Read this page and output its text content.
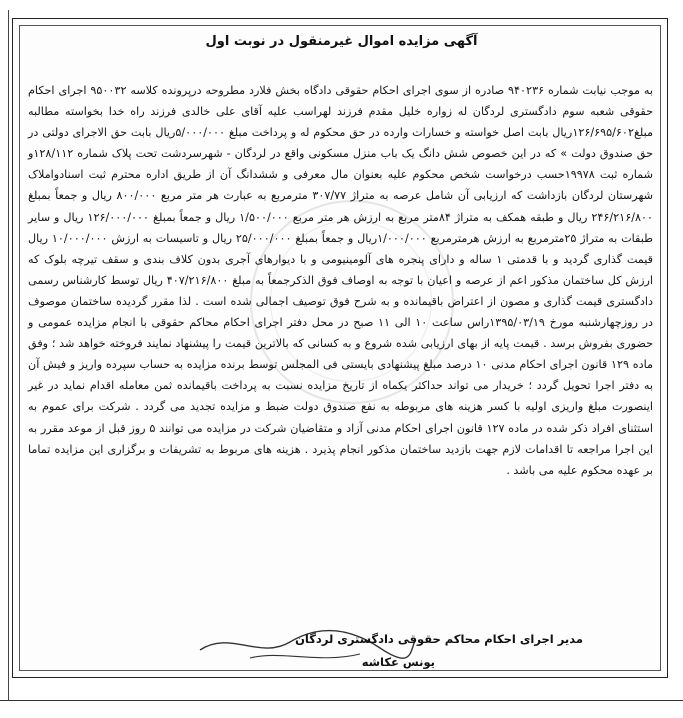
آگهی مزایده اموال غیرمنقول در نوبت اول

به موجب نیابت شماره ۹۴۰۲۳۶ صادره از سوی اجرای احکام حقوقی دادگاه بخش فلارد مطروحه درپرونده کلاسه ۹۵۰۰۳۲ اجرای احکام حقوقی شعبه سوم دادگستری لردگان له زواره خلیل مقدم فرزند لهراسب علیه آقای علی خالدی فرزند راه خدا بخواسته مطالبه مبلغ۱۲۶/۶۹۵/۶۰۲ریال بابت اصل خواسته و خسارات وارده در حق محکوم له و پرداخت مبلغ ۵/۰۰۰/۰۰۰ریال بابت حق الاجرای دولتی در حق صندوق دولت » که در این خصوص شش دانگ یک باب منزل مسکونی واقع در لردگان - شهرسردشت تحت پلاک شماره ۱۲۸/۱۱۲و شماره ثبت ۱۹۹۷۸حسب درخواست شخص محکوم علیه بعنوان مال معرفی و ششدانگ آن از طریق اداره محترم ثبت اسنادواملاک شهرستان لردگان بازداشت که ارزیابی آن شامل عرصه به متراژ ۳۰۷/۷۷ مترمربع به عبارت هر متر مربع ۸۰۰/۰۰۰ ریال و جمعاً بمبلغ ۲۴۶/۲۱۶/۸۰۰ ریال و طبقه همکف به متراژ ۸۴متر مربع به ارزش هر متر مربع ۱/۵۰۰/۰۰۰ ریال و جمعاً بمبلغ ۱۲۶/۰۰۰/۰۰۰ ریال و سایر طبقات به متراژ ۲۵مترمربع به ارزش هرمترمربع ۱/۰۰۰/۰۰۰ریال و جمعاً بمبلغ ۲۵/۰۰۰/۰۰۰ ریال و تاسیسات به ارزش ۱۰/۰۰۰/۰۰۰ ریال قیمت گذاری گردید و با قدمتی ۱ ساله و دارای پنجره های آلومینیومی و با دیوارهای آجری بدون کلاف بندی و سقف تیرچه بلوک که ارزش کل ساختمان مذکور اعم از عرصه و اعیان با توجه به اوصاف فوق الذکرجمعاً به مبلغ ۴۰۷/۲۱۶/۸۰۰ ریال توسط کارشناس رسمی دادگستری قیمت گذاری و مصون از اعتراض باقیمانده و به شرح فوق توصیف اجمالی شده است . لذا مقرر گردیده ساختمان موصوف در روزچهارشنبه مورخ ۱۳۹۵/۰۳/۱۹راس ساعت ۱۰ الی ۱۱ صبح در محل دفتر اجرای احکام محاکم حقوقی با انجام مزایده عمومی و حضوری بفروش برسد . قیمت پایه از بهای ارزیابی شده شروع و به کسانی که بالاترین قیمت را پیشنهاد نمایند فروخته خواهد شد ؛ وفق ماده ۱۲۹ قانون اجرای احکام مدنی ۱۰ درصد مبلغ پیشنهادی بایستی فی المجلس توسط برنده مزایده به حساب سپرده واریز و فیش آن به دفتر اجرا تحویل گردد ؛ خریدار می تواند حداکثر یکماه از تاریخ مزایده نسبت به پرداخت باقیمانده ثمن معامله اقدام نماید در غیر اینصورت مبلغ واریزی اولیه با کسر هزینه های مربوطه به نفع صندوق دولت ضبط و مزایده تجدید می گردد . شرکت برای عموم به استثنای افراد ذکر شده در ماده ۱۲۷ قانون اجرای احکام مدنی آزاد و متقاضیان شرکت در مزایده می توانند ۵ روز قبل از موعد مقرر به این اجرا مراجعه تا اقدامات لازم جهت بازدید ساختمان مذکور انجام پذیرد . هزینه های مربوط به تشریفات و برگزاری این مزایده تماما بر عهده محکوم علیه می باشد .

مدیر اجرای احکام محاکم حقوقی دادگستری لردگان
یونس عکاشه
